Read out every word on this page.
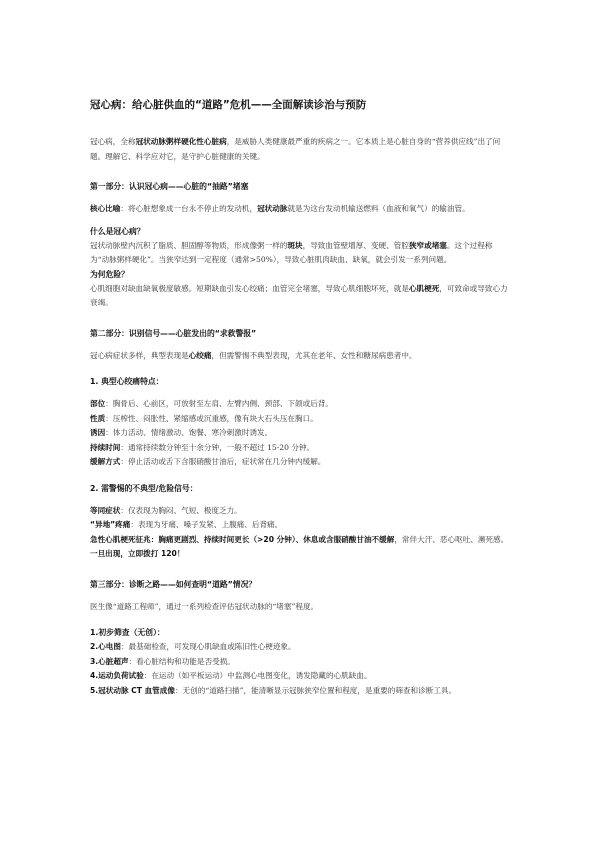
冠心病：给心脏供血的“道路”危机——全面解读诊治与预防

冠心病，全称冠状动脉粥样硬化性心脏病，是威胁人类健康最严重的疾病之一。它本质上是心脏自身的“营养供应线”出了问题。理解它、科学应对它，是守护心脏健康的关键。

第一部分：认识冠心病——心脏的“抽路”堵塞

核心比喻：将心脏想象成一台永不停止的发动机，冠状动脉就是为这台发动机输送燃料（血液和氧气）的输油管。

什么是冠心病？

冠状动脉壁内沉积了脂质、胆固醇等物质，形成像粥一样的斑块，导致血管壁增厚、变硬、管腔狭窄或堵塞。这个过程称为“动脉粥样硬化”。当狭窄达到一定程度（通常>50%），导致心脏肌肉缺血、缺氧，就会引发一系列问题。

为何危险？

心肌细胞对缺血缺氧极度敏感。短期缺血引发心绞痛；血管完全堵塞，导致心肌细胞坏死，就是心肌梗死，可致命或导致心力衰竭。

第二部分：识别信号——心脏发出的“求救警报”

冠心病症状多样，典型表现是心绞痛，但需警惕不典型表现，尤其在老年、女性和糖尿病患者中。

1. 典型心绞痛特点：

部位：胸骨后、心前区，可放射至左肩、左臂内侧、颈部、下颌或后背。

性质：压榨性、闷胀性、紧缩感或沉重感，像有块大石头压在胸口。

诱因：体力活动、情绪激动、饱餐、寒冷刺激时诱发。

持续时间：通常持续数分钟至十余分钟，一般不超过 15-20 分钟。

缓解方式：停止活动或舌下含服硝酸甘油后，症状常在几分钟内缓解。

2. 需警惕的不典型/危险信号：

等同症状：仅表现为胸闷、气短、极度乏力。

“异地”疼痛：表现为牙痛、嗓子发紧、上腹痛、后背痛。

急性心肌梗死征兆：胸痛更剧烈、持续时间更长（>20 分钟）、休息或含服硝酸甘油不缓解，常伴大汗、恶心呕吐、濒死感。一旦出现，立即拨打 120！

第三部分：诊断之路——如何查明“道路”情况？

医生像“道路工程师”，通过一系列检查评估冠状动脉的“堵塞”程度。

1.初步筛查（无创）：

2.心电图：最基础检查，可发现心肌缺血或陈旧性心梗迹象。

3.心脏超声：看心脏结构和功能是否受损。

4.运动负荷试验：在运动（如平板运动）中监测心电图变化，诱发隐藏的心肌缺血。

5.冠状动脉 CT 血管成像：无创的“道路扫描”，能清晰显示冠脉狭窄位置和程度，是重要的筛查和诊断工具。
